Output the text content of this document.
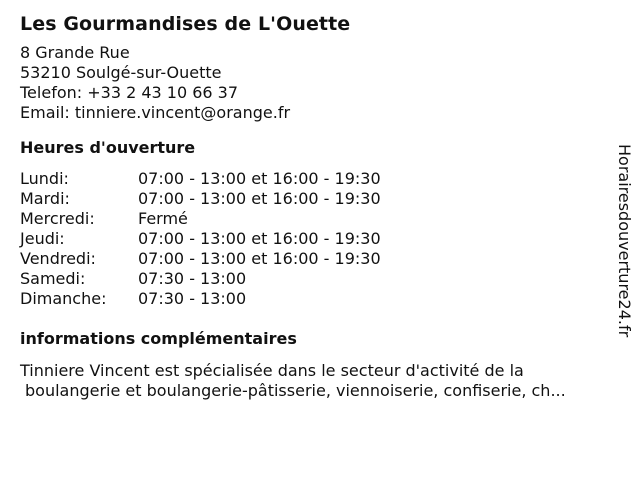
Les Gourmandises de L'Ouette
8 Grande Rue
53210 Soulgé-sur-Ouette
Telefon: +33 2 43 10 66 37
Email: tinniere.vincent@orange.fr
Heures d'ouverture
Lundi:	07:00 - 13:00 et 16:00 - 19:30
Mardi:	07:00 - 13:00 et 16:00 - 19:30
Mercredi:	Fermé
Jeudi:	07:00 - 13:00 et 16:00 - 19:30
Vendredi:	07:00 - 13:00 et 16:00 - 19:30
Samedi:	07:30 - 13:00
Dimanche:	07:30 - 13:00
informations complémentaires
Tinniere Vincent est spécialisée dans le secteur d'activité de la
boulangerie et boulangerie-pâtisserie, viennoiserie, confiserie, ch...
Horairesdouverture24.fr
